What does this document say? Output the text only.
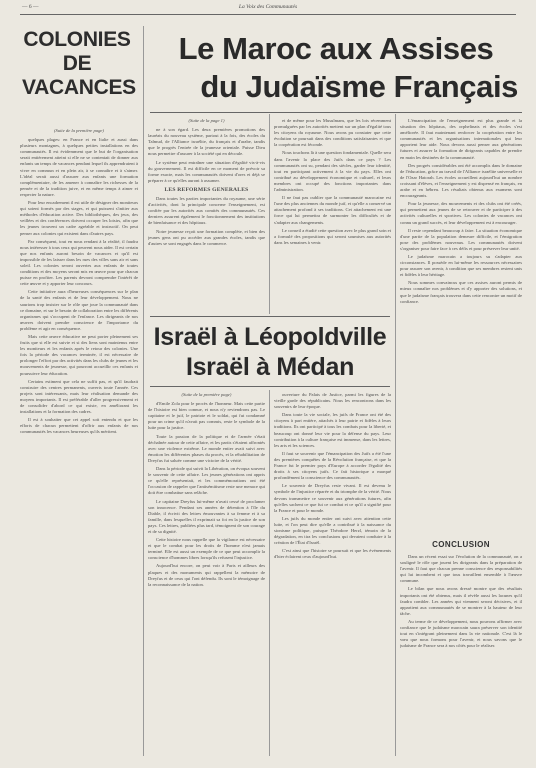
— 6 —	La Voix des Communautés
COLONIES DE VACANCES
Le Maroc aux Assises
du Judaïsme Français

(Suite de la première page)

quelques plages: en France et en Italie et aussi dans plusieurs montagnes, à quelques petites installations en des communautés. Il est évidemment que le but de l'organisation serait entièrement atteint si elle ne se contentait de donner aux enfants un temps de vacances pendant lequel ils apprendraient à vivre en commun et en plein air, à se connaître et à s'aimer. L'idéal serait aussi d'assurer aux enfants une formation complémentaire, de les amener à connaître les richesses de la pensée et de la tradition juive, et en même temps à aimer et respecter la nature.

Pour leur encadrement il est utile de désigner des moniteurs qui soient formés par des stages, et qui puissent s'initier aux méthodes d'éducation active. Des bibliothèques, des jeux, des veillées et des conférences doivent occuper les loisirs, afin que les jeunes trouvent un cadre agréable et instructif. On peut penser aux colonies qui existent dans d'autres pays.

Par conséquent, tout en nous rendant à la réalité, il faudra nous intéresser à tous ceux qui peuvent nous aider. Il est certain que nos enfants auront besoin de vacances et qu'il est impossible de les laisser dans les rues des villes sans air et sans soleil. Les colonies seront ouvertes aux enfants de toutes conditions et des moyens seront mis en œuvre pour que chacun puisse en profiter. Les parents devront comprendre l'intérêt de cette œuvre et y apporter leur concours.

Cette initiative aura d'heureuses conséquences sur le plan de la santé des enfants et de leur développement. Nous ne saurions trop insister sur le rôle que joue la communauté dans ce domaine, et sur le besoin de collaboration entre les différents organismes qui s'occupent de l'enfance. Les dirigeants de nos œuvres doivent prendre conscience de l'importance du problème et agir en conséquence.

Mais cette œuvre éducative ne peut porter pleinement ses fruits que si elle est suivie et si des liens sont maintenus entre les moniteurs et les enfants après le retour des colonies. Une fois la période des vacances terminée, il est nécessaire de prolonger l'effort par des activités dans les clubs de jeunes et les mouvements de jeunesse, qui pourront accueillir ces enfants et poursuivre leur éducation.

Certains estiment que cela ne suffit pas, et qu'il faudrait construire des centres permanents, ouverts toute l'année. Ces projets sont intéressants, mais leur réalisation demande des moyens importants. Il est préférable d'aller progressivement et de consolider d'abord ce qui existe, en améliorant les installations et la formation des cadres.

Il est à souhaiter que cet appel soit entendu et que les efforts de chacun permettent d'offrir aux enfants de nos communautés les vacances heureuses qu'ils méritent.

(Suite de la page 1)

ne à son égard. Les deux premières promotions des lauréats du nouveau système, partout à la fois, des écoles du Talmud, de l'Alliance israélite, du français et d'arabe, tandis que le progrès l'entrée de la jeunesse orientale. Puisse Dieu nous permettre d'assurer à la société qui en découle.

Le système peut entraîner une situation d'égalité vis-à-vis du gouvernement. Il est difficile en ce moment de prévoir sa forme exacte, mais les communautés doivent d'ores et déjà se préparer à ce qu'elles auront à assumer.

LES REFORMES GENERALES

Dans toutes les parties importantes du royaume, une série d'activités, dont la principale concerne l'enseignement, est confiée par les autorités aux comités des communautés. Ces derniers assurent également le fonctionnement des institutions de bienfaisance et des hôpitaux.

Notre jeunesse reçoit une formation complète, et bien des jeunes gens ont pu accéder aux grandes écoles, tandis que d'autres se sont engagés dans le commerce.

et de même pour les Musulmans, que les lois récemment promulguées par les autorités mettent sur un plan d'égalité tous les citoyens du royaume. Nous avons pu constater que cette évolution se poursuit dans des conditions satisfaisantes et que la coopération est féconde.

Nous touchons là à une question fondamentale. Quelle sera dans l'avenir la place des Juifs dans ce pays ? Les communautés ont su, pendant des siècles, garder leur identité, tout en participant activement à la vie du pays. Elles ont contribué au développement économique et culturel, et leurs membres ont occupé des fonctions importantes dans l'administration.

Il ne faut pas oublier que la communauté marocaine est l'une des plus anciennes du monde juif, et qu'elle a conservé un attachement profond à ses traditions. Cet attachement est une force qui lui permettra de surmonter les difficultés et de s'adapter aux changements.

Le conseil a étudié cette question avec le plus grand soin et a formulé des propositions qui seront soumises aux autorités dans les semaines à venir.

Israël à Léopoldville
Israël à Médan

(Suite de la première page)

d'Emile Zola pour le procès de l'honneur. Mais cette partie de l'histoire est bien connue, et nous n'y reviendrons pas. Le capitaine et le juif, le patriote et le soldat, qui fut condamné pour un crime qu'il n'avait pas commis, reste le symbole de la lutte pour la justice.

Toute la passion de la politique et de l'armée s'était déchaînée autour de cette affaire, et les partis s'étaient affrontés avec une violence extrême. Le monde entier avait suivi avec émotion les différentes phases du procès, et la réhabilitation de Dreyfus fut saluée comme une victoire de la vérité.

Dans la période qui suivit la Libération, on évoqua souvent le souvenir de cette affaire. Les jeunes générations ont appris ce qu'elle représentait, et les commémorations ont été l'occasion de rappeler que l'antisémitisme reste une menace qui doit être combattue sans relâche.

Le capitaine Dreyfus lui-même n'avait cessé de proclamer son innocence. Pendant ses années de détention à l'île du Diable, il écrivit des lettres émouvantes à sa femme et à sa famille, dans lesquelles il exprimait sa foi en la justice de son pays. Ces lettres, publiées plus tard, témoignent de son courage et de sa dignité.

Cette histoire nous rappelle que la vigilance est nécessaire et que le combat pour les droits de l'homme n'est jamais terminé. Elle est aussi un exemple de ce que peut accomplir la conscience d'hommes libres lorsqu'ils refusent l'injustice.

Aujourd'hui encore, on peut voir à Paris et ailleurs des plaques et des monuments qui rappellent la mémoire de Dreyfus et de ceux qui l'ont défendu. Ils sont le témoignage de la reconnaissance de la nation.

ouverture du Palais de Justice, parmi les figures de la vieille garde des républicains. Nous les rencontrons dans les souvenirs de leur époque.

Dans toute la vie sociale, les juifs de France ont été des citoyens à part entière, attachés à leur patrie et fidèles à leurs traditions. Ils ont participé à tous les combats pour la liberté, et beaucoup ont donné leur vie pour la défense du pays. Leur contribution à la culture française est immense, dans les lettres, les arts et les sciences.

Il faut se souvenir que l'émancipation des Juifs a été l'une des premières conquêtes de la Révolution française, et que la France fut le premier pays d'Europe à accorder l'égalité des droits à ses citoyens juifs. Ce fait historique a marqué profondément la conscience des communautés.

Le souvenir de Dreyfus reste vivant. Il est devenu le symbole de l'injustice réparée et du triomphe de la vérité. Nous devons transmettre ce souvenir aux générations futures, afin qu'elles sachent ce que fut ce combat et ce qu'il a signifié pour la France et pour le monde.

Les juifs du monde entier ont suivi avec attention cette lutte, et l'on peut dire qu'elle a contribué à la naissance du sionisme politique, puisque Théodore Herzl, témoin de la dégradation, en tira les conclusions qui devaient conduire à la création de l'État d'Israël.

C'est ainsi que l'histoire se poursuit et que les événements d'hier éclairent ceux d'aujourd'hui.

L'émancipation de l'enseignement est plus grande et la situation des hôpitaux, des orphelinats et des écoles s'est améliorée. Il faut maintenant renforcer la coopération entre les communautés et les organisations internationales qui leur apportent leur aide. Nous devons aussi penser aux générations futures et assurer la formation de dirigeants capables de prendre en main les destinées de la communauté.

Des progrès considérables ont été accomplis dans le domaine de l'éducation, grâce au travail de l'Alliance israélite universelle et de l'Ozar Hatorah. Les écoles accueillent aujourd'hui un nombre croissant d'élèves, et l'enseignement y est dispensé en français, en arabe et en hébreu. Les résultats obtenus aux examens sont encourageants.

Pour la jeunesse, des mouvements et des clubs ont été créés, qui permettent aux jeunes de se retrouver et de participer à des activités culturelles et sportives. Les colonies de vacances ont connu un grand succès, et leur développement est à encourager.

Il reste cependant beaucoup à faire. La situation économique d'une partie de la population demeure difficile, et l'émigration pose des problèmes nouveaux. Les communautés doivent s'organiser pour faire face à ces défis et pour préserver leur unité.

Le judaïsme marocain a toujours su s'adapter aux circonstances. Il possède en lui-même les ressources nécessaires pour assurer son avenir, à condition que ses membres restent unis et fidèles à leur héritage.

Nous sommes convaincus que ces assises auront permis de mieux connaître nos problèmes et d'y apporter des solutions, et que le judaïsme français trouvera dans cette rencontre un motif de confiance.

CONCLUSION

Dans un récent essai sur l'évolution de la communauté, on a souligné le rôle que jouent les dirigeants dans la préparation de l'avenir. Il faut que chacun prenne conscience des responsabilités qui lui incombent et que tous travaillent ensemble à l'œuvre commune.

Le bilan que nous avons dressé montre que des résultats importants ont été obtenus, mais il révèle aussi les lacunes qu'il faudra combler. Les années qui viennent seront décisives, et il appartient aux communautés de se montrer à la hauteur de leur tâche.

Au terme de ce développement, nous pouvons affirmer avec confiance que le judaïsme marocain saura préserver son identité tout en s'intégrant pleinement dans la vie nationale. C'est là le vœu que nous formons pour l'avenir, et nous savons que le judaïsme de France sera à nos côtés pour le réaliser.
